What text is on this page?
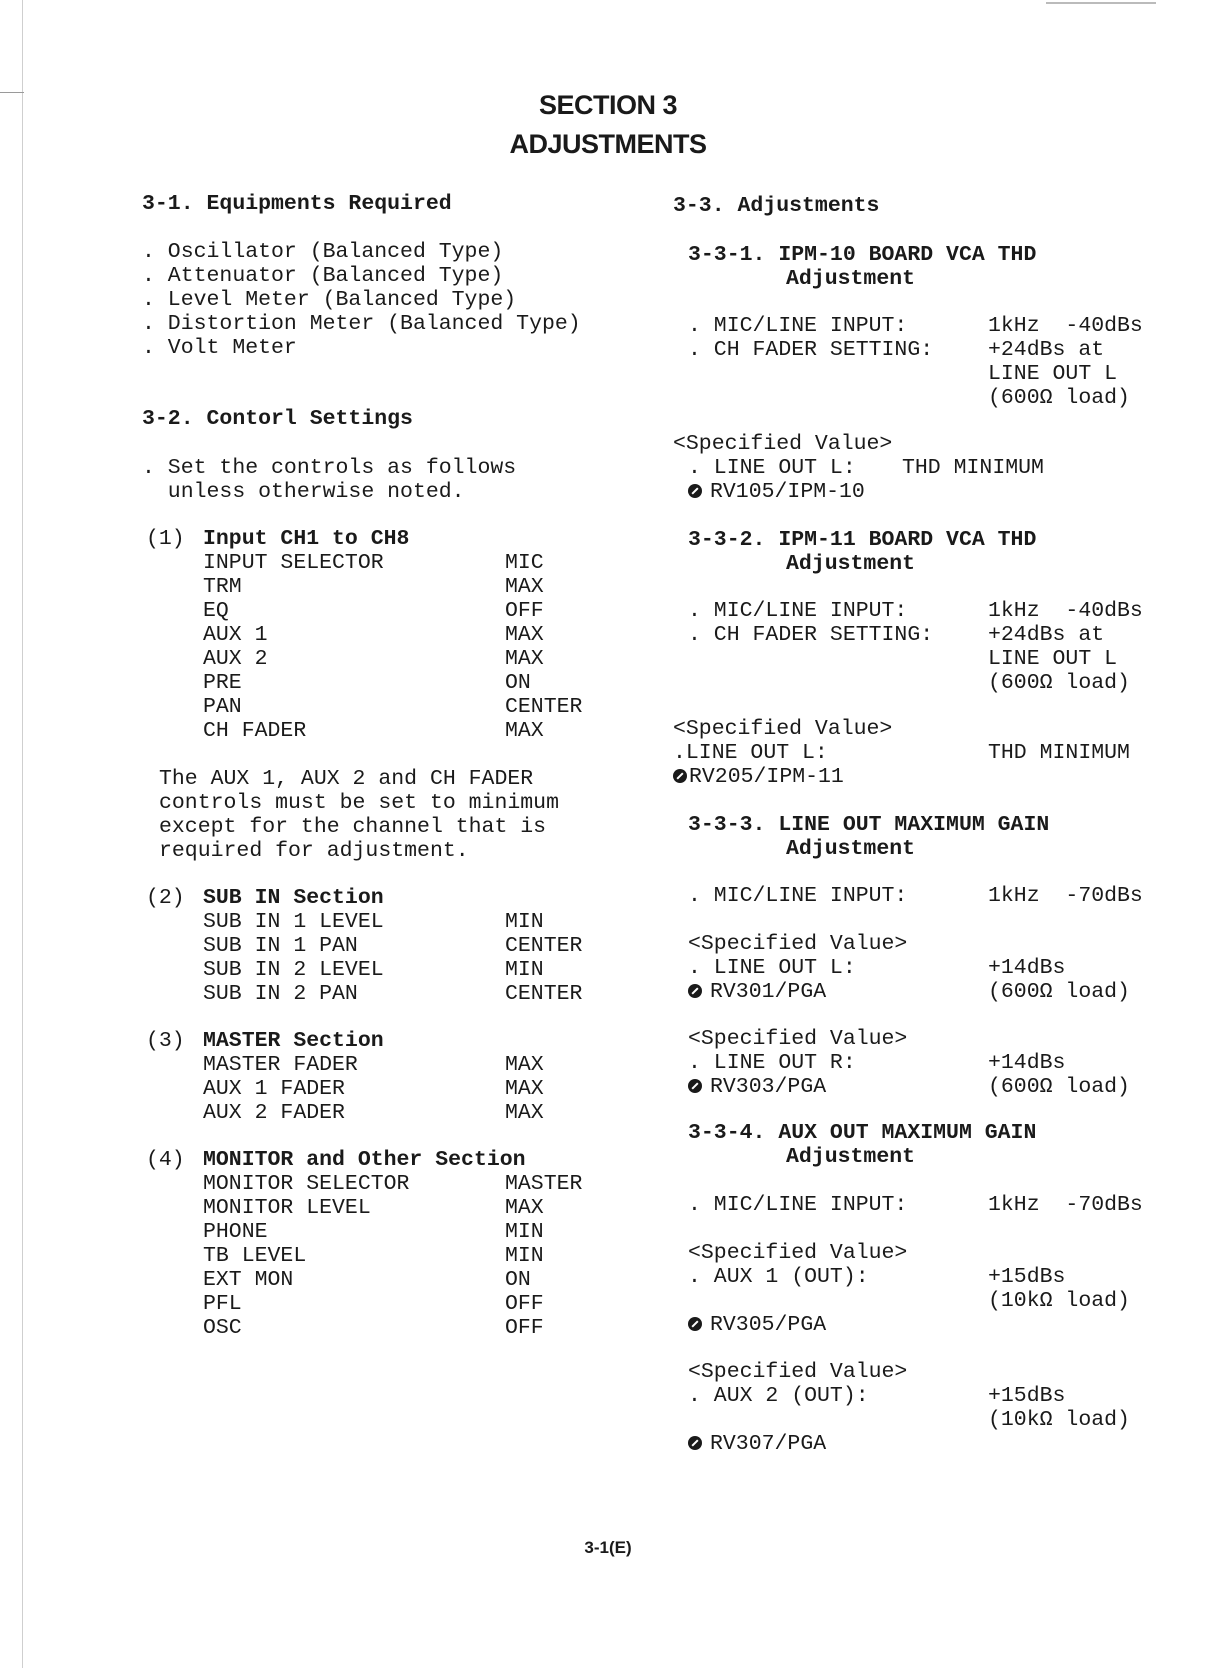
SECTION 3
ADJUSTMENTS
3-1. Equipments Required
. Oscillator (Balanced Type)
. Attenuator (Balanced Type)
. Level Meter (Balanced Type)
. Distortion Meter (Balanced Type)
. Volt Meter
3-2. Contorl Settings
. Set the controls as follows
unless otherwise noted.
(1) Input CH1 to CH8
INPUT SELECTOR	MIC
TRM	MAX
EQ	OFF
AUX 1	MAX
AUX 2	MAX
PRE	ON
PAN	CENTER
CH FADER	MAX
The AUX 1, AUX 2 and CH FADER
controls must be set to minimum
except for the channel that is
required for adjustment.
(2) SUB IN Section
SUB IN 1 LEVEL	MIN
SUB IN 1 PAN	CENTER
SUB IN 2 LEVEL	MIN
SUB IN 2 PAN	CENTER
(3) MASTER Section
MASTER FADER	MAX
AUX 1 FADER	MAX
AUX 2 FADER	MAX
(4) MONITOR and Other Section
MONITOR SELECTOR	MASTER
MONITOR LEVEL	MAX
PHONE	MIN
TB LEVEL	MIN
EXT MON	ON
PFL	OFF
OSC	OFF
3-3. Adjustments
3-3-1. IPM-10 BOARD VCA THD
Adjustment
. MIC/LINE INPUT:	1kHz  -40dBs
. CH FADER SETTING:	+24dBs at
LINE OUT L
(600Ω load)
<Specified Value>
. LINE OUT L: THD MINIMUM
RV105/IPM-10
3-3-2. IPM-11 BOARD VCA THD
Adjustment
. MIC/LINE INPUT:	1kHz  -40dBs
. CH FADER SETTING:	+24dBs at
LINE OUT L
(600Ω load)
<Specified Value>
.LINE OUT L:	THD MINIMUM
RV205/IPM-11
3-3-3. LINE OUT MAXIMUM GAIN
Adjustment
. MIC/LINE INPUT:	1kHz  -70dBs
<Specified Value>
. LINE OUT L:	+14dBs
(600Ω load)
RV301/PGA
<Specified Value>
. LINE OUT R:	+14dBs
(600Ω load)
RV303/PGA
3-3-4. AUX OUT MAXIMUM GAIN
Adjustment
. MIC/LINE INPUT:	1kHz  -70dBs
<Specified Value>
. AUX 1 (OUT):	+15dBs
(10kΩ load)
RV305/PGA
<Specified Value>
. AUX 2 (OUT):	+15dBs
(10kΩ load)
RV307/PGA
3-1(E)
